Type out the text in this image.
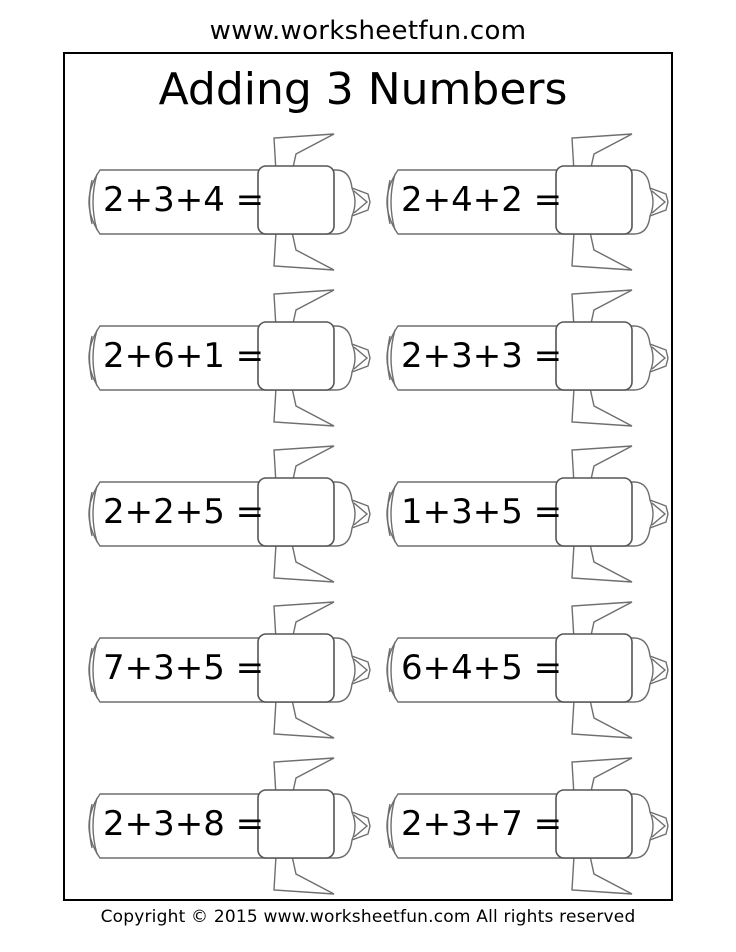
www.worksheetfun.com
Adding 3 Numbers
2+3+4 =	2+4+2 =
2+6+1 =	2+3+3 =
2+2+5 =	1+3+5 =
7+3+5 =	6+4+5 =
2+3+8 =	2+3+7 =
Copyright © 2015 www.worksheetfun.com All rights reserved
